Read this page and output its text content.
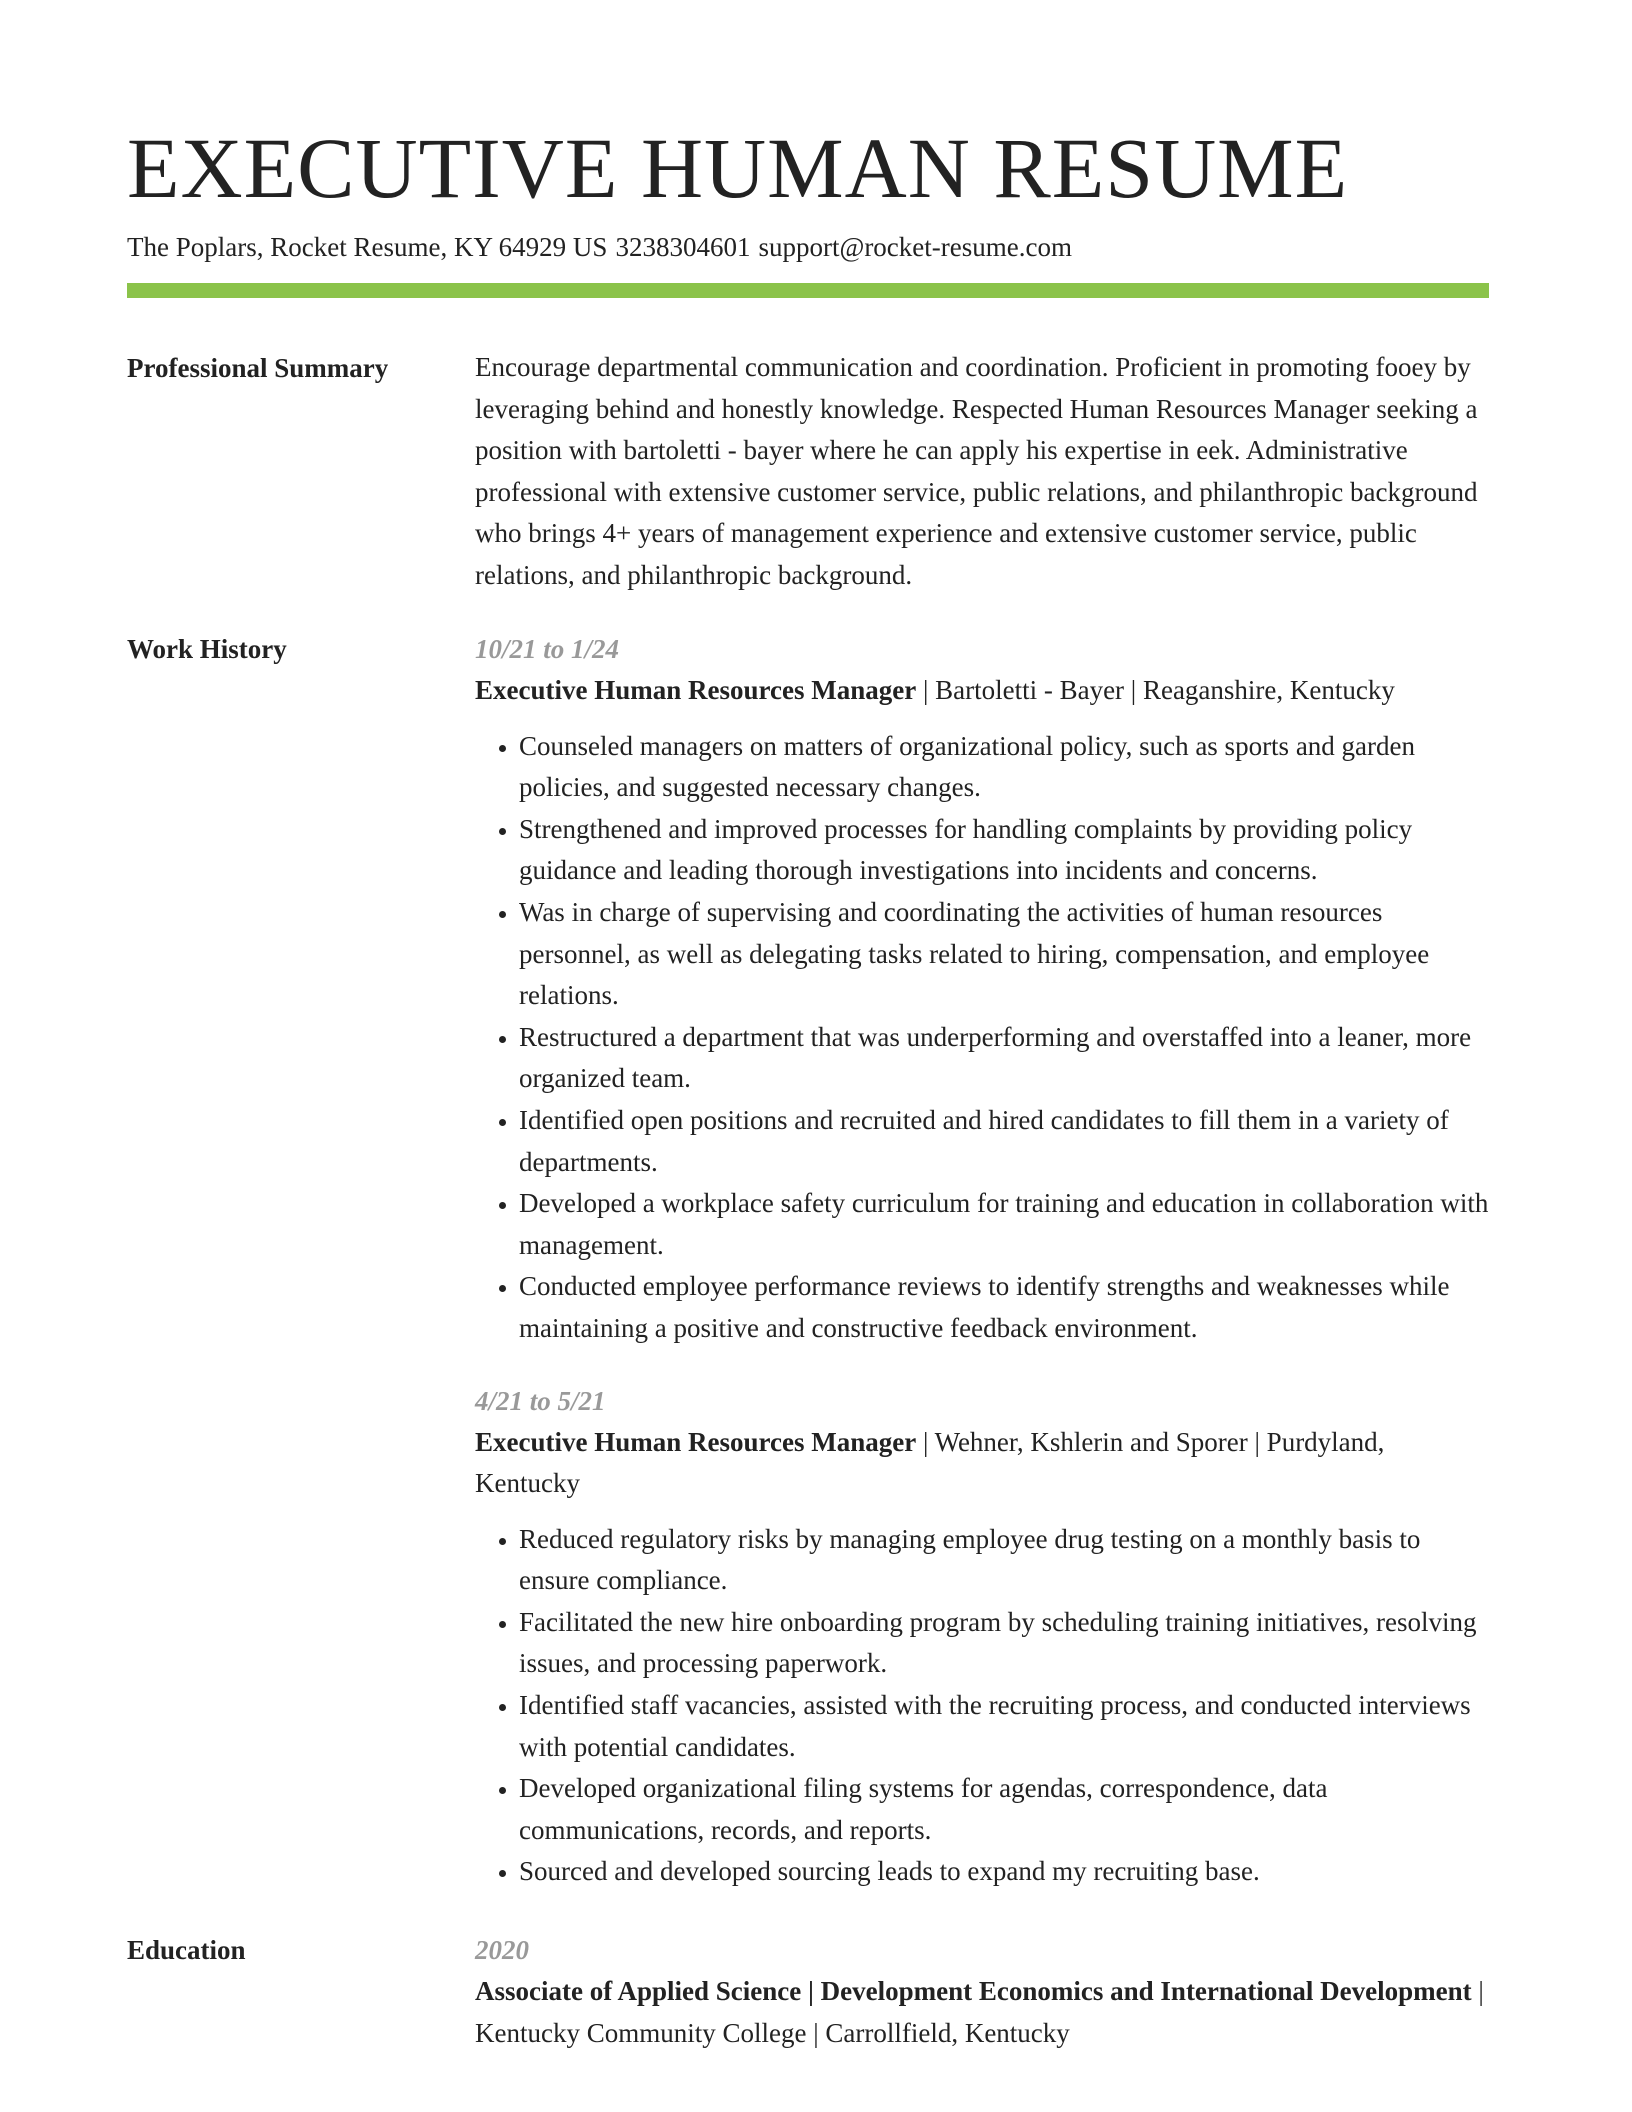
EXECUTIVE HUMAN RESUME
The Poplars, Rocket Resume, KY 64929 US 3238304601 support@rocket-resume.com
Professional Summary	Encourage departmental communication and coordination. Proficient in promoting fooey by leveraging behind and honestly knowledge. Respected Human Resources Manager seeking a position with bartoletti - bayer where he can apply his expertise in eek. Administrative professional with extensive customer service, public relations, and philanthropic background who brings 4+ years of management experience and extensive customer service, public relations, and philanthropic background.

Work History	10/21 to 1/24
Executive Human Resources Manager | Bartoletti - Bayer | Reaganshire, Kentucky
• Counseled managers on matters of organizational policy, such as sports and garden policies, and suggested necessary changes.
• Strengthened and improved processes for handling complaints by providing policy guidance and leading thorough investigations into incidents and concerns.
• Was in charge of supervising and coordinating the activities of human resources personnel, as well as delegating tasks related to hiring, compensation, and employee relations.
• Restructured a department that was underperforming and overstaffed into a leaner, more organized team.
• Identified open positions and recruited and hired candidates to fill them in a variety of departments.
• Developed a workplace safety curriculum for training and education in collaboration with management.
• Conducted employee performance reviews to identify strengths and weaknesses while maintaining a positive and constructive feedback environment.
4/21 to 5/21
Executive Human Resources Manager | Wehner, Kshlerin and Sporer | Purdyland, Kentucky
• Reduced regulatory risks by managing employee drug testing on a monthly basis to ensure compliance.
• Facilitated the new hire onboarding program by scheduling training initiatives, resolving issues, and processing paperwork.
• Identified staff vacancies, assisted with the recruiting process, and conducted interviews with potential candidates.
• Developed organizational filing systems for agendas, correspondence, data communications, records, and reports.
• Sourced and developed sourcing leads to expand my recruiting base.
Education	2020
Associate of Applied Science | Development Economics and International Development | Kentucky Community College | Carrollfield, Kentucky
